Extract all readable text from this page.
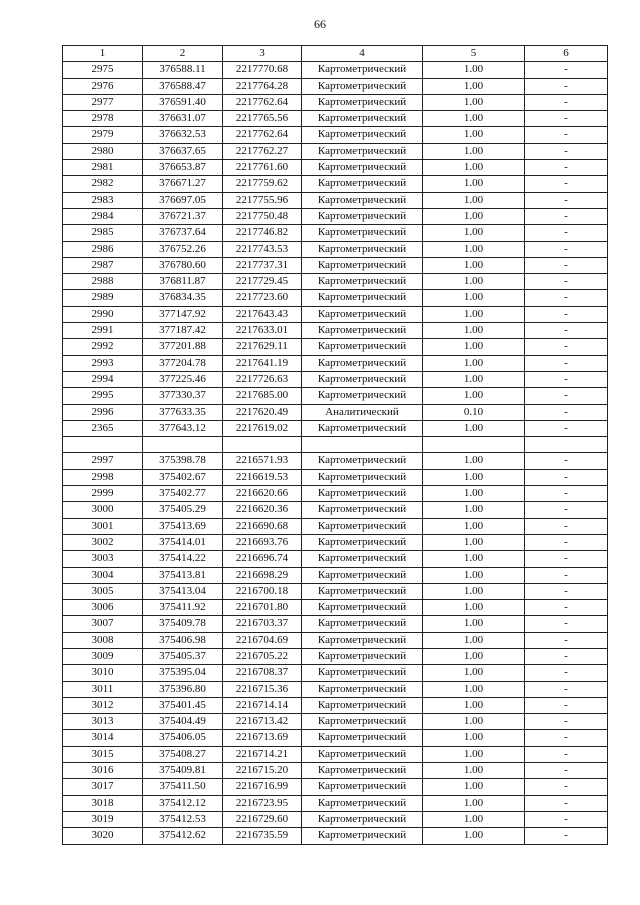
66
1	2	3	4	5	6
2975	376588.11	2217770.68	Картометрический	1.00	-
2976	376588.47	2217764.28	Картометрический	1.00	-
2977	376591.40	2217762.64	Картометрический	1.00	-
2978	376631.07	2217765.56	Картометрический	1.00	-
2979	376632.53	2217762.64	Картометрический	1.00	-
2980	376637.65	2217762.27	Картометрический	1.00	-
2981	376653.87	2217761.60	Картометрический	1.00	-
2982	376671.27	2217759.62	Картометрический	1.00	-
2983	376697.05	2217755.96	Картометрический	1.00	-
2984	376721.37	2217750.48	Картометрический	1.00	-
2985	376737.64	2217746.82	Картометрический	1.00	-
2986	376752.26	2217743.53	Картометрический	1.00	-
2987	376780.60	2217737.31	Картометрический	1.00	-
2988	376811.87	2217729.45	Картометрический	1.00	-
2989	376834.35	2217723.60	Картометрический	1.00	-
2990	377147.92	2217643.43	Картометрический	1.00	-
2991	377187.42	2217633.01	Картометрический	1.00	-
2992	377201.88	2217629.11	Картометрический	1.00	-
2993	377204.78	2217641.19	Картометрический	1.00	-
2994	377225.46	2217726.63	Картометрический	1.00	-
2995	377330.37	2217685.00	Картометрический	1.00	-
2996	377633.35	2217620.49	Аналитический	0.10	-
2365	377643.12	2217619.02	Картометрический	1.00	-

2997	375398.78	2216571.93	Картометрический	1.00	-
2998	375402.67	2216619.53	Картометрический	1.00	-
2999	375402.77	2216620.66	Картометрический	1.00	-
3000	375405.29	2216620.36	Картометрический	1.00	-
3001	375413.69	2216690.68	Картометрический	1.00	-
3002	375414.01	2216693.76	Картометрический	1.00	-
3003	375414.22	2216696.74	Картометрический	1.00	-
3004	375413.81	2216698.29	Картометрический	1.00	-
3005	375413.04	2216700.18	Картометрический	1.00	-
3006	375411.92	2216701.80	Картометрический	1.00	-
3007	375409.78	2216703.37	Картометрический	1.00	-
3008	375406.98	2216704.69	Картометрический	1.00	-
3009	375405.37	2216705.22	Картометрический	1.00	-
3010	375395.04	2216708.37	Картометрический	1.00	-
3011	375396.80	2216715.36	Картометрический	1.00	-
3012	375401.45	2216714.14	Картометрический	1.00	-
3013	375404.49	2216713.42	Картометрический	1.00	-
3014	375406.05	2216713.69	Картометрический	1.00	-
3015	375408.27	2216714.21	Картометрический	1.00	-
3016	375409.81	2216715.20	Картометрический	1.00	-
3017	375411.50	2216716.99	Картометрический	1.00	-
3018	375412.12	2216723.95	Картометрический	1.00	-
3019	375412.53	2216729.60	Картометрический	1.00	-
3020	375412.62	2216735.59	Картометрический	1.00	-
